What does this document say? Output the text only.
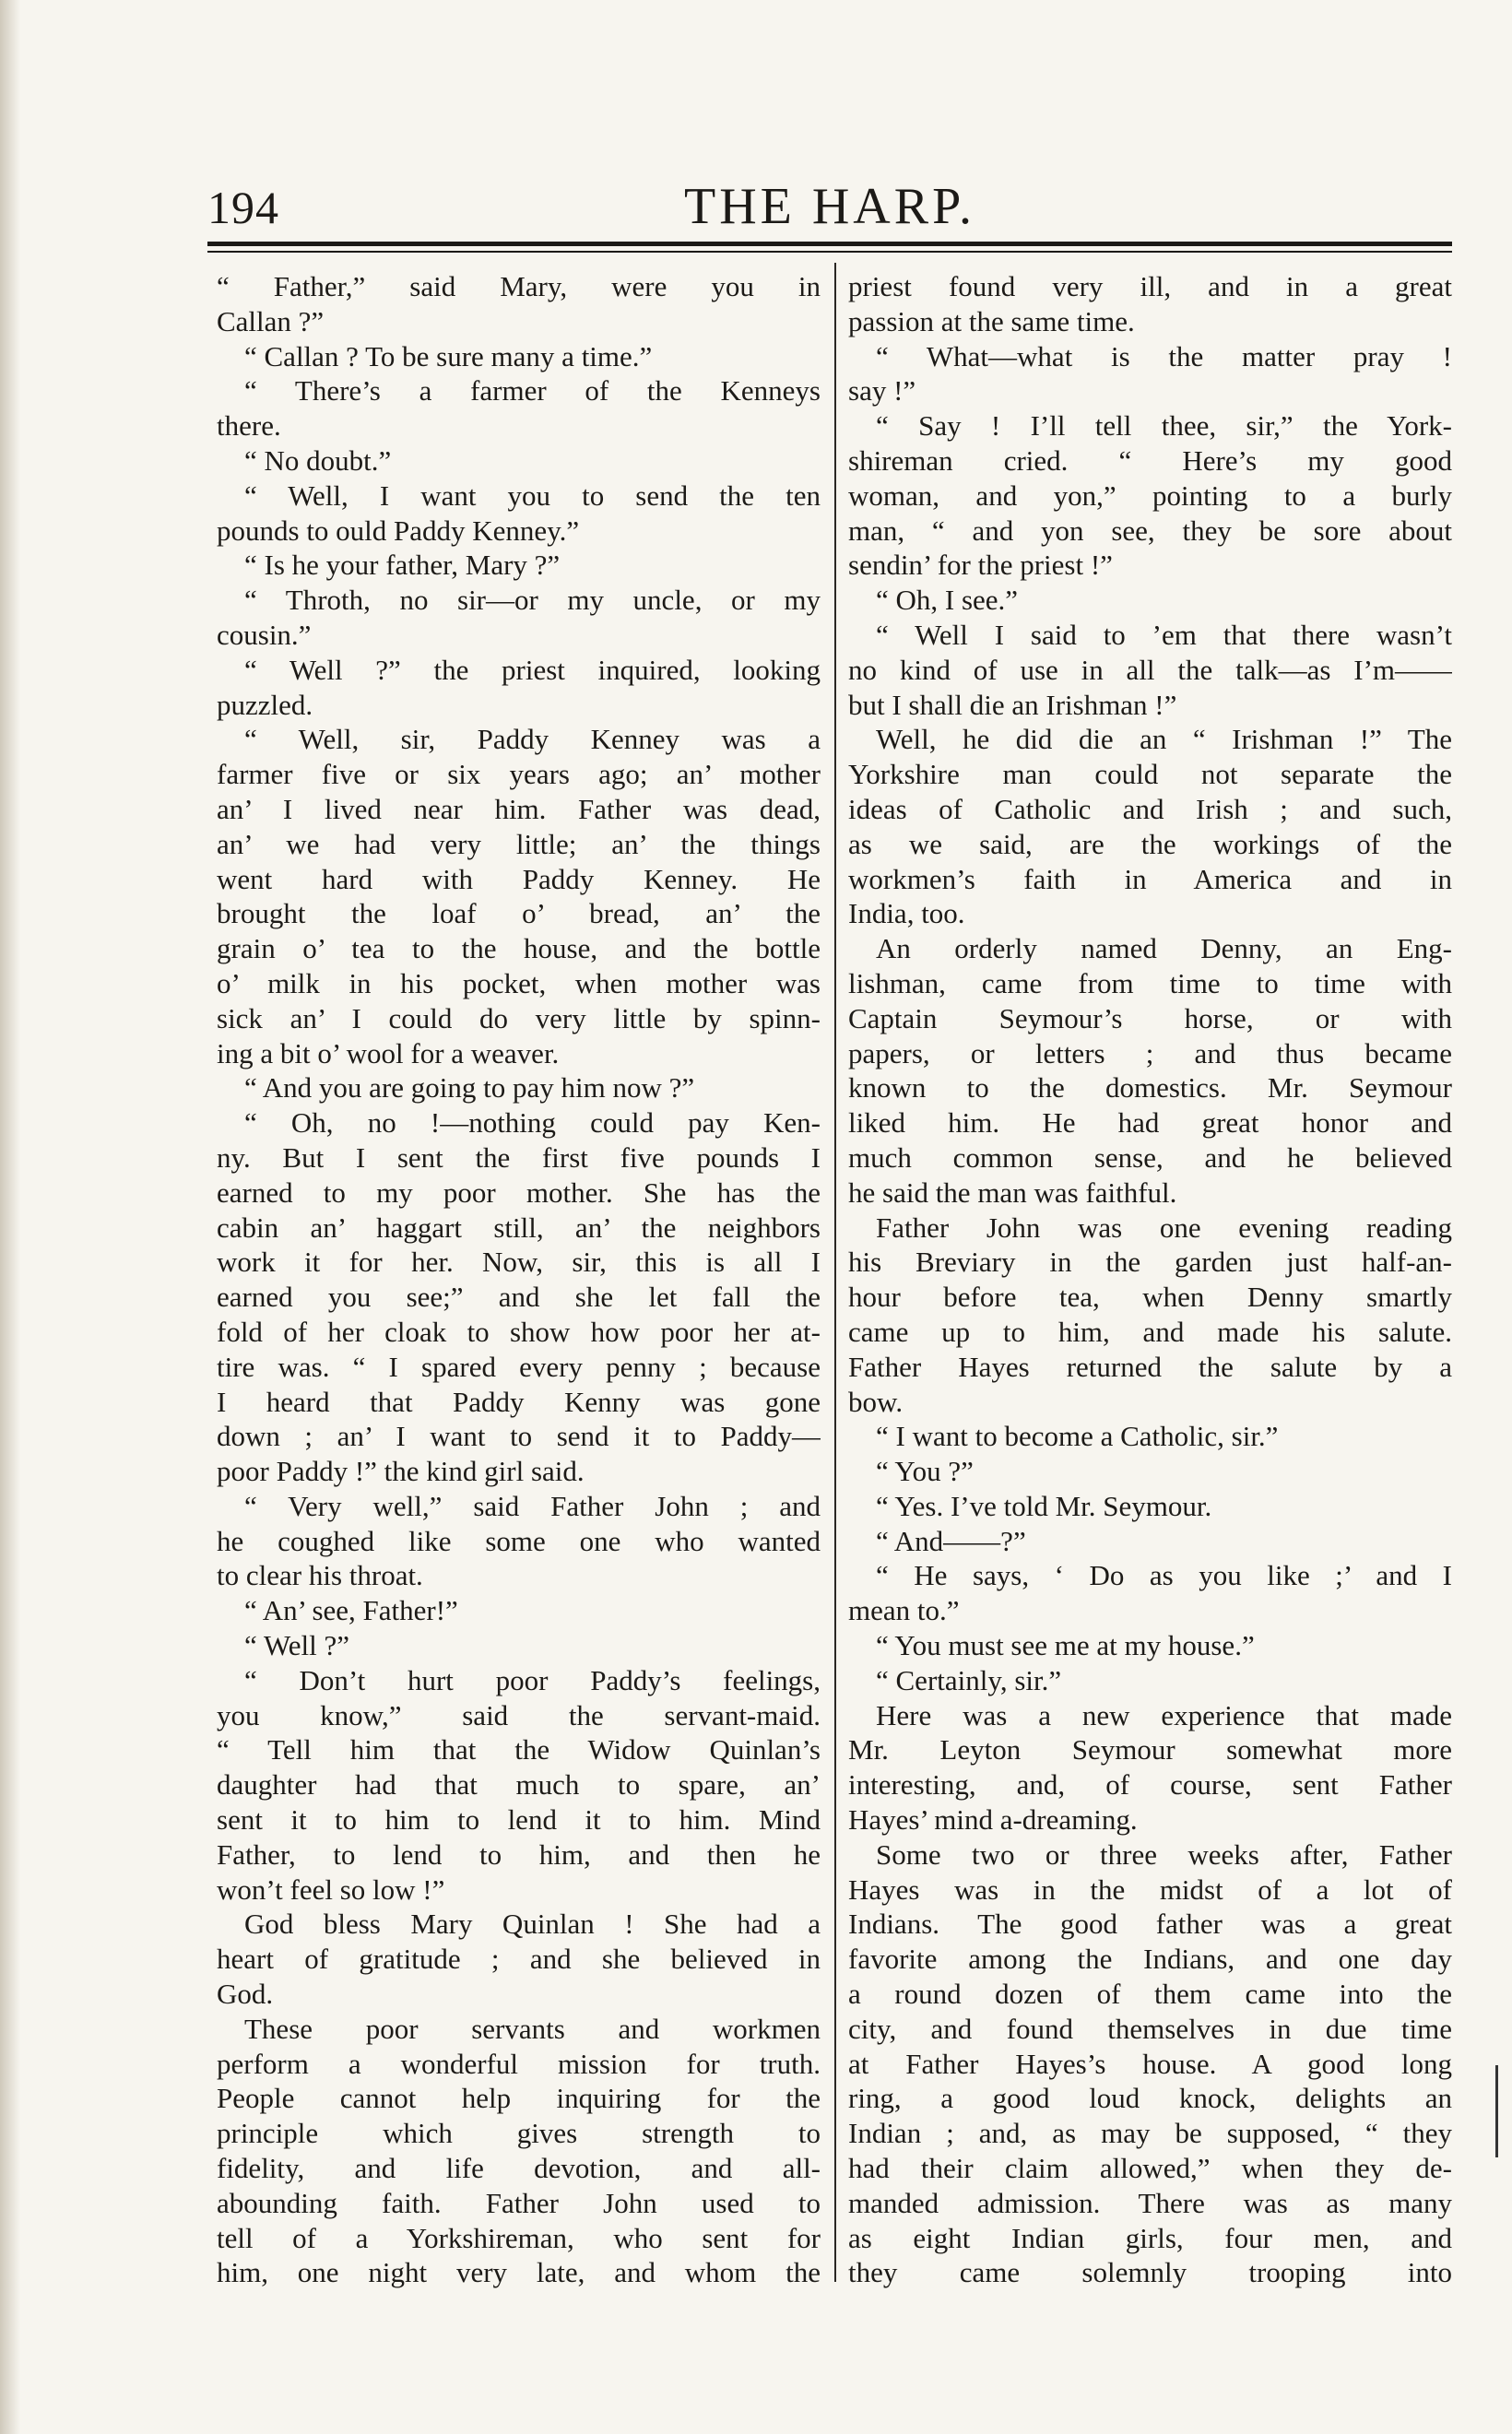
194	THE HARP.
“ Father,” said Mary, were you in
Callan ?”
“ Callan ? To be sure many a time.”
“ There’s a farmer of the Kenneys
there.
“ No doubt.”
“ Well, I want you to send the ten
pounds to ould Paddy Kenney.”
“ Is he your father, Mary ?”
“ Throth, no sir—or my uncle, or my
cousin.”
“ Well ?” the priest inquired, looking
puzzled.
“ Well, sir, Paddy Kenney was a
farmer five or six years ago; an’ mother
an’ I lived near him. Father was dead,
an’ we had very little; an’ the things
went hard with Paddy Kenney. He
brought the loaf o’ bread, an’ the
grain o’ tea to the house, and the bottle
o’ milk in his pocket, when mother was
sick an’ I could do very little by spinn-
ing a bit o’ wool for a weaver.
“ And you are going to pay him now ?”
“ Oh, no !—nothing could pay Ken-
ny. But I sent the first five pounds I
earned to my poor mother. She has the
cabin an’ haggart still, an’ the neighbors
work it for her. Now, sir, this is all I
earned you see;” and she let fall the
fold of her cloak to show how poor her at-
tire was. “ I spared every penny ; because
I heard that Paddy Kenny was gone
down ; an’ I want to send it to Paddy—
poor Paddy !” the kind girl said.
“ Very well,” said Father John ; and
he coughed like some one who wanted
to clear his throat.
“ An’ see, Father!”
“ Well ?”
“ Don’t hurt poor Paddy’s feelings,
you know,” said the servant-maid.
“ Tell him that the Widow Quinlan’s
daughter had that much to spare, an’
sent it to him to lend it to him. Mind
Father, to lend to him, and then he
won’t feel so low !”
God bless Mary Quinlan ! She had a
heart of gratitude ; and she believed in
God.
These poor servants and workmen
perform a wonderful mission for truth.
People cannot help inquiring for the
principle which gives strength to
fidelity, and life devotion, and all-
abounding faith. Father John used to
tell of a Yorkshireman, who sent for
him, one night very late, and whom the
priest found very ill, and in a great
passion at the same time.
“ What—what is the matter pray !
say !”
“ Say ! I’ll tell thee, sir,” the York-
shireman cried. “ Here’s my good
woman, and yon,” pointing to a burly
man, “ and yon see, they be sore about
sendin’ for the priest !”
“ Oh, I see.”
“ Well I said to ’em that there wasn’t
no kind of use in all the talk—as I’m——
but I shall die an Irishman !”
Well, he did die an “ Irishman !” The
Yorkshire man could not separate the
ideas of Catholic and Irish ; and such,
as we said, are the workings of the
workmen’s faith in America and in
India, too.
An orderly named Denny, an Eng-
lishman, came from time to time with
Captain Seymour’s horse, or with
papers, or letters ; and thus became
known to the domestics. Mr. Seymour
liked him. He had great honor and
much common sense, and he believed
he said the man was faithful.
Father John was one evening reading
his Breviary in the garden just half-an-
hour before tea, when Denny smartly
came up to him, and made his salute.
Father Hayes returned the salute by a
bow.
“ I want to become a Catholic, sir.”
“ You ?”
“ Yes. I’ve told Mr. Seymour.
“ And——?”
“ He says, ‘ Do as you like ;’ and I
mean to.”
“ You must see me at my house.”
“ Certainly, sir.”
Here was a new experience that made
Mr. Leyton Seymour somewhat more
interesting, and, of course, sent Father
Hayes’ mind a-dreaming.
Some two or three weeks after, Father
Hayes was in the midst of a lot of
Indians. The good father was a great
favorite among the Indians, and one day
a round dozen of them came into the
city, and found themselves in due time
at Father Hayes’s house. A good long
ring, a good loud knock, delights an
Indian ; and, as may be supposed, “ they
had their claim allowed,” when they de-
manded admission. There was as many
as eight Indian girls, four men, and
they came solemnly trooping into
